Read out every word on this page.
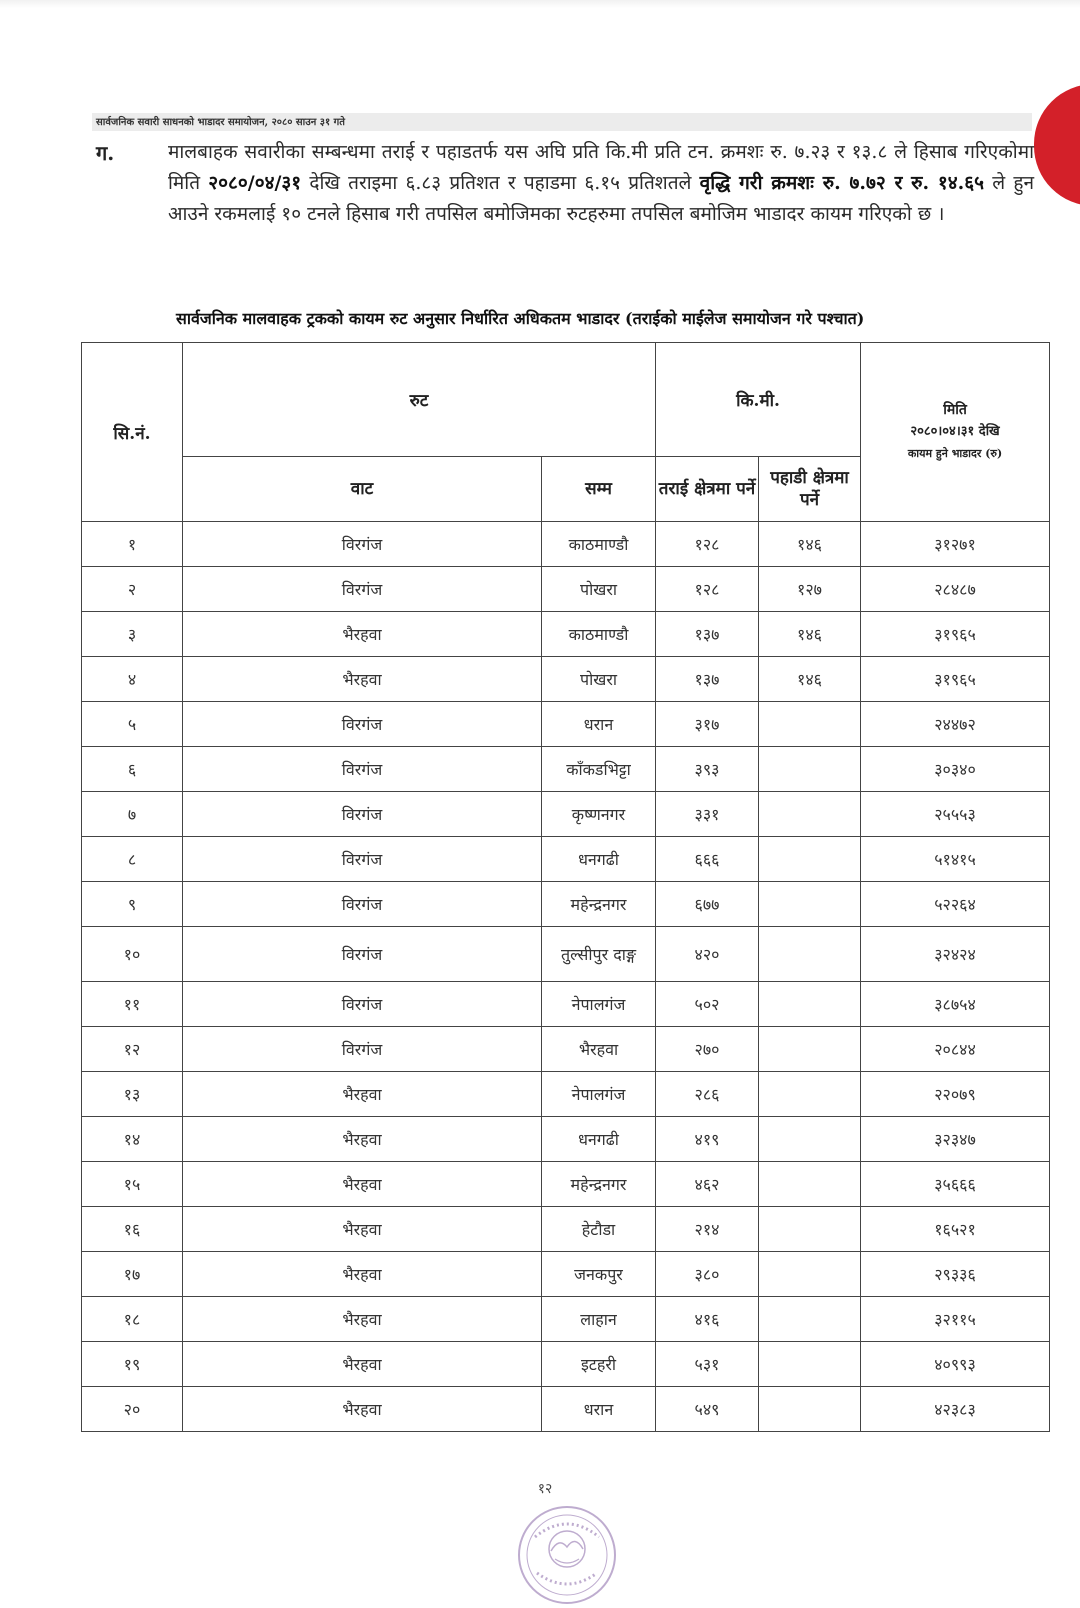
सार्वजनिक सवारी साधनको भाडादर समायोजन, २०८० साउन ३१ गते
ग.	मालबाहक सवारीका सम्बन्धमा तराई र पहाडतर्फ यस अघि प्रति कि.मी प्रति टन. क्रमशः रु. ७.२३ र १३.८ ले हिसाब गरिएकोमा मिति २०८०/०४/३१ देखि तराइमा ६.८३ प्रतिशत र पहाडमा ६.१५ प्रतिशतले वृद्धि गरी क्रमशः रु. ७.७२ र रु. १४.६५ ले हुन आउने रकमलाई १० टनले हिसाब गरी तपसिल बमोजिमका रुटहरुमा तपसिल बमोजिम भाडादर कायम गरिएको छ ।
सार्वजनिक मालवाहक ट्रकको कायम रुट अनुसार निर्धारित अधिकतम भाडादर (तराईको माईलेज समायोजन गरे पश्चात)
सि.नं.	रुट		कि.मी.		मिति
२०८०।०४।३१ देखि
कायम हुने भाडादर (रु)

	वाट	सम्म	तराई क्षेत्रमा पर्ने	पहाडी क्षेत्रमा पर्ने	
१	विरगंज	काठमाण्डौ	१२८	१४६	३१२७१
२	विरगंज	पोखरा	१२८	१२७	२८४८७
३	भैरहवा	काठमाण्डौ	१३७	१४६	३१९६५
४	भैरहवा	पोखरा	१३७	१४६	३१९६५
५	विरगंज	धरान	३१७		२४४७२
६	विरगंज	काँकडभिट्टा	३९३		३०३४०
७	विरगंज	कृष्णनगर	३३१		२५५५३
८	विरगंज	धनगढी	६६६		५१४१५
९	विरगंज	महेन्द्रनगर	६७७		५२२६४
१०	विरगंज	तुल्सीपुर दाङ्ग	४२०		३२४२४
११	विरगंज	नेपालगंज	५०२		३८७५४
१२	विरगंज	भैरहवा	२७०		२०८४४
१३	भैरहवा	नेपालगंज	२८६		२२०७९
१४	भैरहवा	धनगढी	४१९		३२३४७
१५	भैरहवा	महेन्द्रनगर	४६२		३५६६६
१६	भैरहवा	हेटौडा	२१४		१६५२१
१७	भैरहवा	जनकपुर	३८०		२९३३६
१८	भैरहवा	लाहान	४१६		३२११५
१९	भैरहवा	इटहरी	५३१		४०९९३
२०	भैरहवा	धरान	५४९		४२३८३
१२
